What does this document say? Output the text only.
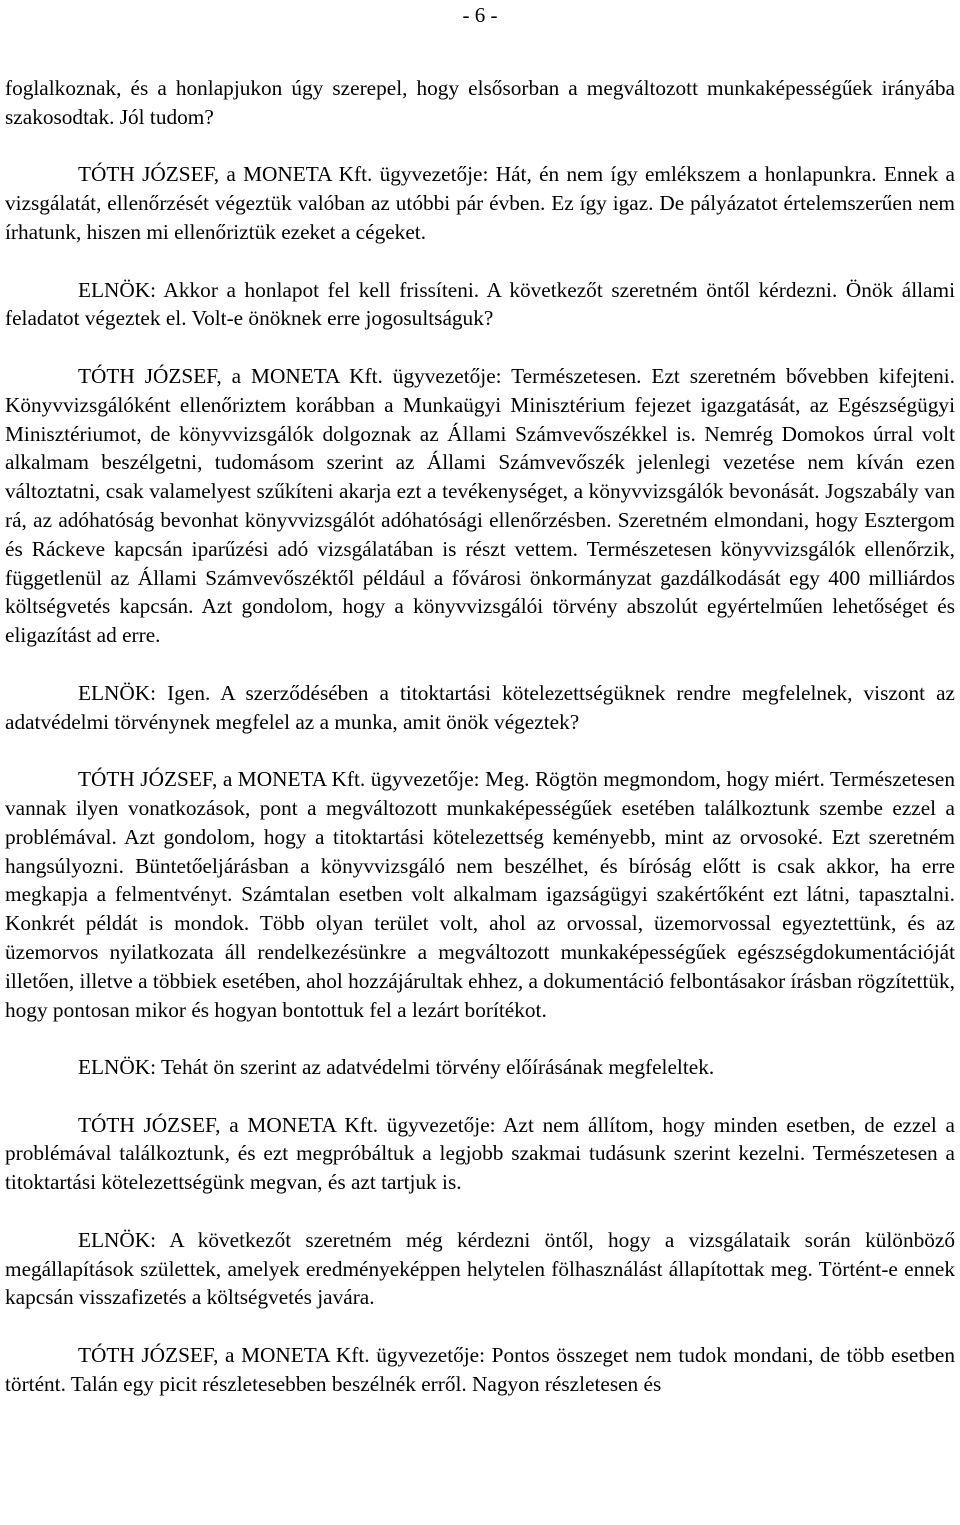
- 6 -

foglalkoznak, és a honlapjukon úgy szerepel, hogy elsősorban a megváltozott munkaképességűek irányába szakosodtak. Jól tudom?

TÓTH JÓZSEF, a MONETA Kft. ügyvezetője: Hát, én nem így emlékszem a honlapunkra. Ennek a vizsgálatát, ellenőrzését végeztük valóban az utóbbi pár évben. Ez így igaz. De pályázatot értelemszerűen nem írhatunk, hiszen mi ellenőriztük ezeket a cégeket.

ELNÖK: Akkor a honlapot fel kell frissíteni. A következőt szeretném öntől kérdezni. Önök állami feladatot végeztek el. Volt-e önöknek erre jogosultságuk?

TÓTH JÓZSEF, a MONETA Kft. ügyvezetője: Természetesen. Ezt szeretném bővebben kifejteni. Könyvvizsgálóként ellenőriztem korábban a Munkaügyi Minisztérium fejezet igazgatását, az Egészségügyi Minisztériumot, de könyvvizsgálók dolgoznak az Állami Számvevőszékkel is. Nemrég Domokos úrral volt alkalmam beszélgetni, tudomásom szerint az Állami Számvevőszék jelenlegi vezetése nem kíván ezen változtatni, csak valamelyest szűkíteni akarja ezt a tevékenységet, a könyvvizsgálók bevonását. Jogszabály van rá, az adóhatóság bevonhat könyvvizsgálót adóhatósági ellenőrzésben. Szeretném elmondani, hogy Esztergom és Ráckeve kapcsán iparűzési adó vizsgálatában is részt vettem. Természetesen könyvvizsgálók ellenőrzik, függetlenül az Állami Számvevőszéktől például a fővárosi önkormányzat gazdálkodását egy 400 milliárdos költségvetés kapcsán. Azt gondolom, hogy a könyvvizsgálói törvény abszolút egyértelműen lehetőséget és eligazítást ad erre.

ELNÖK: Igen. A szerződésében a titoktartási kötelezettségüknek rendre megfelelnek, viszont az adatvédelmi törvénynek megfelel az a munka, amit önök végeztek?

TÓTH JÓZSEF, a MONETA Kft. ügyvezetője: Meg. Rögtön megmondom, hogy miért. Természetesen vannak ilyen vonatkozások, pont a megváltozott munkaképességűek esetében találkoztunk szembe ezzel a problémával. Azt gondolom, hogy a titoktartási kötelezettség keményebb, mint az orvosoké. Ezt szeretném hangsúlyozni. Büntetőeljárásban a könyvvizsgáló nem beszélhet, és bíróság előtt is csak akkor, ha erre megkapja a felmentvényt. Számtalan esetben volt alkalmam igazságügyi szakértőként ezt látni, tapasztalni. Konkrét példát is mondok. Több olyan terület volt, ahol az orvossal, üzemorvossal egyeztettünk, és az üzemorvos nyilatkozata áll rendelkezésünkre a megváltozott munkaképességűek egészségdokumentációját illetően, illetve a többiek esetében, ahol hozzájárultak ehhez, a dokumentáció felbontásakor írásban rögzítettük, hogy pontosan mikor és hogyan bontottuk fel a lezárt borítékot.

ELNÖK: Tehát ön szerint az adatvédelmi törvény előírásának megfeleltek.

TÓTH JÓZSEF, a MONETA Kft. ügyvezetője: Azt nem állítom, hogy minden esetben, de ezzel a problémával találkoztunk, és ezt megpróbáltuk a legjobb szakmai tudásunk szerint kezelni. Természetesen a titoktartási kötelezettségünk megvan, és azt tartjuk is.

ELNÖK: A következőt szeretném még kérdezni öntől, hogy a vizsgálataik során különböző megállapítások születtek, amelyek eredményeképpen helytelen fölhasználást állapítottak meg. Történt-e ennek kapcsán visszafizetés a költségvetés javára.

TÓTH JÓZSEF, a MONETA Kft. ügyvezetője: Pontos összeget nem tudok mondani, de több esetben történt. Talán egy picit részletesebben beszélnék erről. Nagyon részletesen és
